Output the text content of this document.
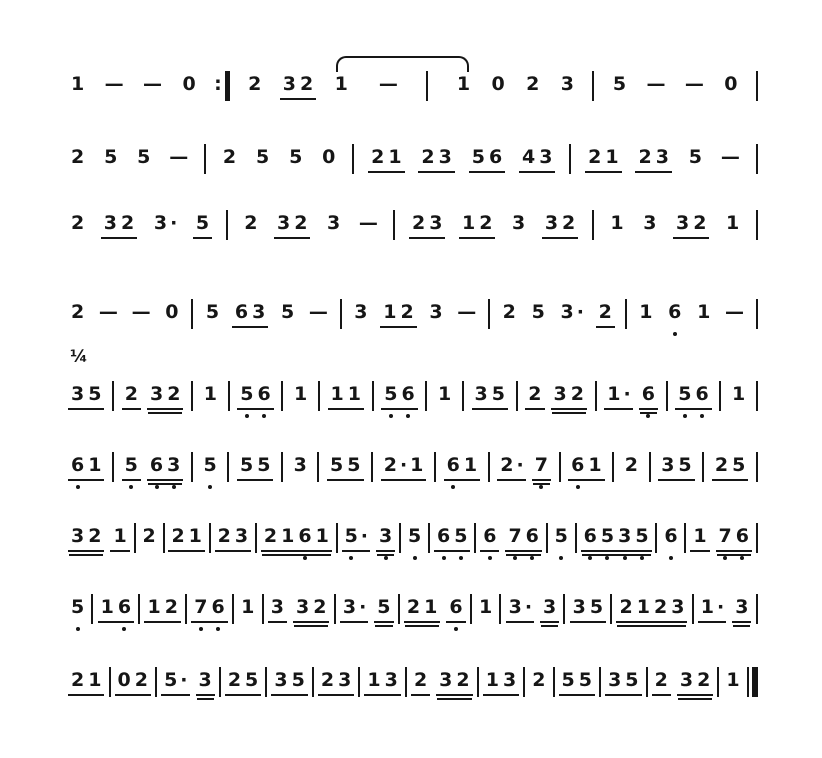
1 — — 0 : 2 3 2 1 —	1 0 2 3 5 — — 0
2 5 5 — 2 5 5 0 2 1 2 3 5 6 4 3 2 1 2 3 5 —
2 3 2 3 · 5 2 3 2 3 — 2 3 1 2 3 3 2 1 3 3 2 1
2 — — 0 5 6 3 5 — 3 1 2 3 — 2 5 3 · 2 1 6 1 —
¼
3 5 2 3 2 1 5 6 1 1 1 5 6 1 3 5 2 3 2 1 · 6 5 6 1
6 1 5 6 3 5 5 5 3 5 5 2 · 1 6 1 2 · 7 6 1 2 3 5 2 5
3 2 1 2 2 1 2 3 2 1 6 1 5 · 3 5 6 5 6 7 6 5 6 5 3 5 6 1 7 6
5 1 6 1 2 7 6 1 3 3 2 3 · 5 2 1 6 1 3 · 3 3 5 2 1 2 3 1 · 3
2 1 0 2 5 · 3 2 5 3 5 2 3 1 3 2 3 2 1 3 2 5 5 3 5 2 3 2 1
